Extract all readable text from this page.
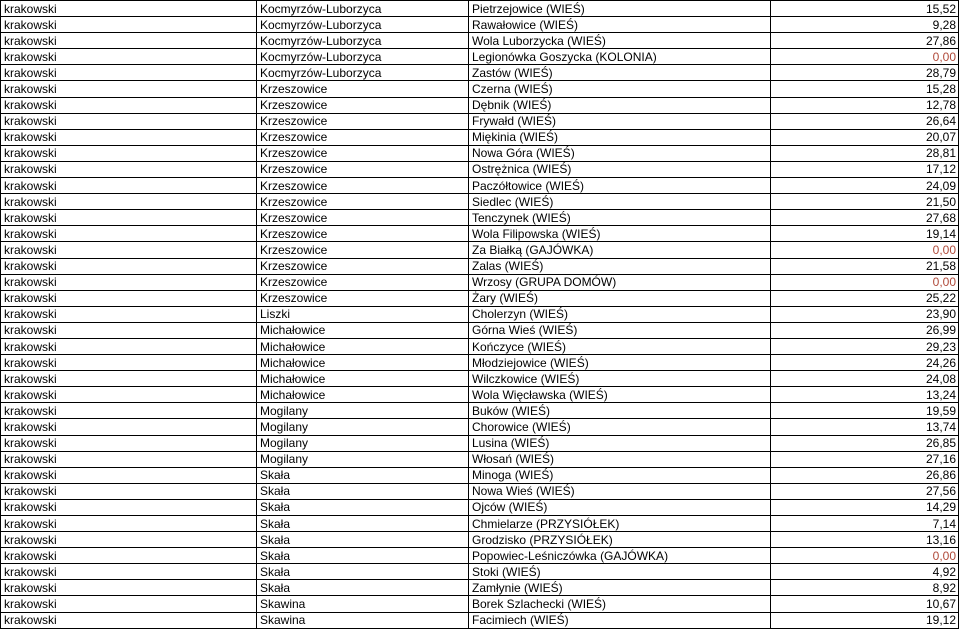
krakowski	Kocmyrzów-Luborzyca	Pietrzejowice (WIEŚ)	15,52
krakowski	Kocmyrzów-Luborzyca	Rawałowice (WIEŚ)	9,28
krakowski	Kocmyrzów-Luborzyca	Wola Luborzycka (WIEŚ)	27,86
krakowski	Kocmyrzów-Luborzyca	Legionówka Goszycka (KOLONIA)	0,00
krakowski	Kocmyrzów-Luborzyca	Zastów (WIEŚ)	28,79
krakowski	Krzeszowice	Czerna (WIEŚ)	15,28
krakowski	Krzeszowice	Dębnik (WIEŚ)	12,78
krakowski	Krzeszowice	Frywałd (WIEŚ)	26,64
krakowski	Krzeszowice	Miękinia (WIEŚ)	20,07
krakowski	Krzeszowice	Nowa Góra (WIEŚ)	28,81
krakowski	Krzeszowice	Ostrężnica (WIEŚ)	17,12
krakowski	Krzeszowice	Paczółtowice (WIEŚ)	24,09
krakowski	Krzeszowice	Siedlec (WIEŚ)	21,50
krakowski	Krzeszowice	Tenczynek (WIEŚ)	27,68
krakowski	Krzeszowice	Wola Filipowska (WIEŚ)	19,14
krakowski	Krzeszowice	Za Białką (GAJÓWKA)	0,00
krakowski	Krzeszowice	Zalas (WIEŚ)	21,58
krakowski	Krzeszowice	Wrzosy (GRUPA DOMÓW)	0,00
krakowski	Krzeszowice	Żary (WIEŚ)	25,22
krakowski	Liszki	Cholerzyn (WIEŚ)	23,90
krakowski	Michałowice	Górna Wieś (WIEŚ)	26,99
krakowski	Michałowice	Kończyce (WIEŚ)	29,23
krakowski	Michałowice	Młodziejowice (WIEŚ)	24,26
krakowski	Michałowice	Wilczkowice (WIEŚ)	24,08
krakowski	Michałowice	Wola Więcławska (WIEŚ)	13,24
krakowski	Mogilany	Buków (WIEŚ)	19,59
krakowski	Mogilany	Chorowice (WIEŚ)	13,74
krakowski	Mogilany	Lusina (WIEŚ)	26,85
krakowski	Mogilany	Włosań (WIEŚ)	27,16
krakowski	Skała	Minoga (WIEŚ)	26,86
krakowski	Skała	Nowa Wieś (WIEŚ)	27,56
krakowski	Skała	Ojców (WIEŚ)	14,29
krakowski	Skała	Chmielarze (PRZYSIÓŁEK)	7,14
krakowski	Skała	Grodzisko (PRZYSIÓŁEK)	13,16
krakowski	Skała	Popowiec-Leśniczówka (GAJÓWKA)	0,00
krakowski	Skała	Stoki (WIEŚ)	4,92
krakowski	Skała	Zamłynie (WIEŚ)	8,92
krakowski	Skawina	Borek Szlachecki (WIEŚ)	10,67
krakowski	Skawina	Facimiech (WIEŚ)	19,12
